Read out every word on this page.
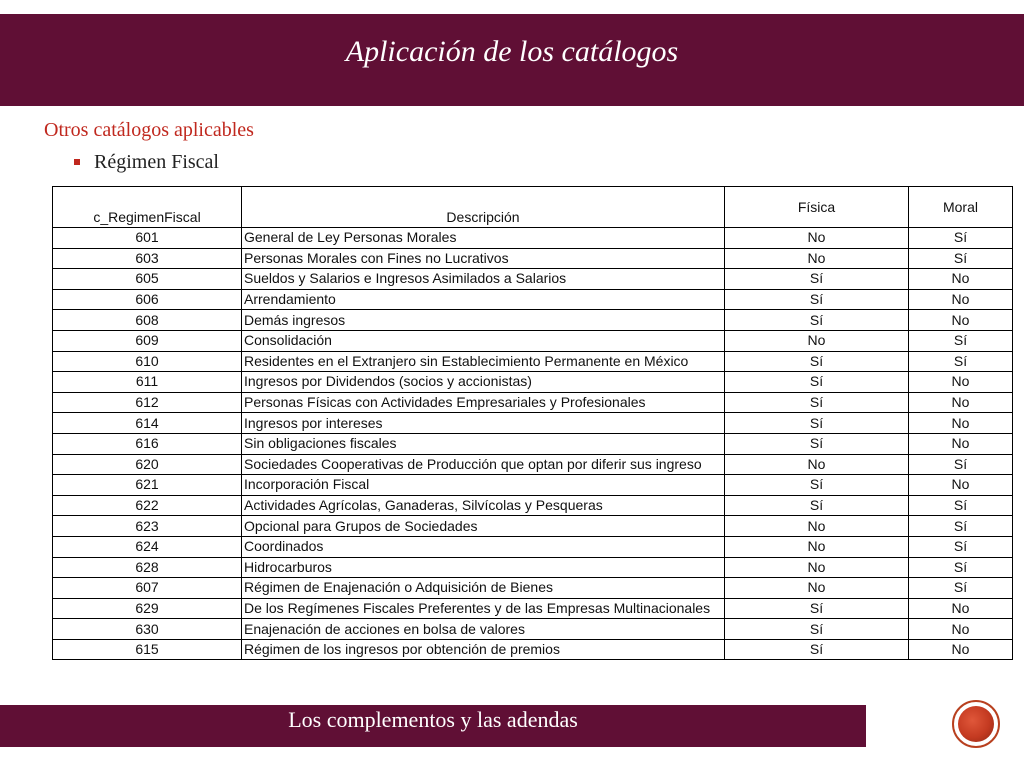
Aplicación de los catálogos
Otros catálogos aplicables
Régimen Fiscal
c_RegimenFiscal	Descripción	Física	Moral
601	General de Ley Personas Morales	No	Sí
603	Personas Morales con Fines no Lucrativos	No	Sí
605	Sueldos y Salarios e Ingresos Asimilados a Salarios	Sí	No
606	Arrendamiento	Sí	No
608	Demás ingresos	Sí	No
609	Consolidación	No	Sí
610	Residentes en el Extranjero sin Establecimiento Permanente en México	Sí	Sí
611	Ingresos por Dividendos (socios y accionistas)	Sí	No
612	Personas Físicas con Actividades Empresariales y Profesionales	Sí	No
614	Ingresos por intereses	Sí	No
616	Sin obligaciones fiscales	Sí	No
620	Sociedades Cooperativas de Producción que optan por diferir sus ingreso	No	Sí
621	Incorporación Fiscal	Sí	No
622	Actividades Agrícolas, Ganaderas, Silvícolas y Pesqueras	Sí	Sí
623	Opcional para Grupos de Sociedades	No	Sí
624	Coordinados	No	Sí
628	Hidrocarburos	No	Sí
607	Régimen de Enajenación o Adquisición de Bienes	No	Sí
629	De los Regímenes Fiscales Preferentes y de las Empresas Multinacionales	Sí	No
630	Enajenación de acciones en bolsa de valores	Sí	No
615	Régimen de los ingresos por obtención de premios	Sí	No
Los complementos y las adendas
